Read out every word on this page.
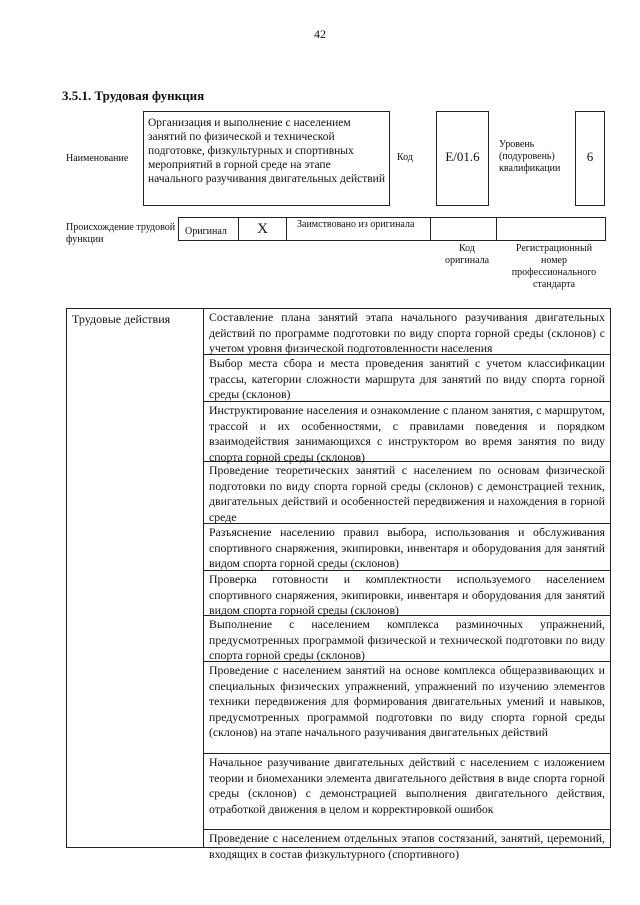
42
3.5.1. Трудовая функция
Наименование
Организация и выполнение с населением занятий по физической и технической подготовке, физкультурных и спортивных мероприятий в горной среде на этапе начального разучивания двигательных действий
Код	E/01.6
Уровень (подуровень) квалификации
6
Происхождение трудовой функции
Оригинал	X	Заимствовано из оригинала
Код оригинала
Регистрационный номер профессионального стандарта
Трудовые действия	Составление плана занятий этапа начального разучивания двигательных действий по программе подготовки по виду спорта горной среды (склонов) с учетом уровня физической подготовленности населения
Выбор места сбора и места проведения занятий с учетом классификации трассы, категории сложности маршрута для занятий по виду спорта горной среды (склонов)
Инструктирование населения и ознакомление с планом занятия, с маршрутом, трассой и их особенностями, с правилами поведения и порядком взаимодействия занимающихся с инструктором во время занятия по виду спорта горной среды (склонов)
Проведение теоретических занятий с населением по основам физической подготовки по виду спорта горной среды (склонов) с демонстрацией техник, двигательных действий и особенностей передвижения и нахождения в горной среде
Разъяснение населению правил выбора, использования и обслуживания спортивного снаряжения, экипировки, инвентаря и оборудования для занятий видом спорта горной среды (склонов)
Проверка готовности и комплектности используемого населением спортивного снаряжения, экипировки, инвентаря и оборудования для занятий видом спорта горной среды (склонов)
Выполнение с населением комплекса разминочных упражнений, предусмотренных программой физической и технической подготовки по виду спорта горной среды (склонов)
Проведение с населением занятий на основе комплекса общеразвивающих и специальных физических упражнений, упражнений по изучению элементов техники передвижения для формирования двигательных умений и навыков, предусмотренных программой подготовки по виду спорта горной среды (склонов) на этапе начального разучивания двигательных действий
Начальное разучивание двигательных действий с населением с изложением теории и биомеханики элемента двигательного действия в виде спорта горной среды (склонов) с демонстрацией выполнения двигательного действия, отработкой движения в целом и корректировкой ошибок
Проведение с населением отдельных этапов состязаний, занятий, церемоний, входящих в состав физкультурного (спортивного)
